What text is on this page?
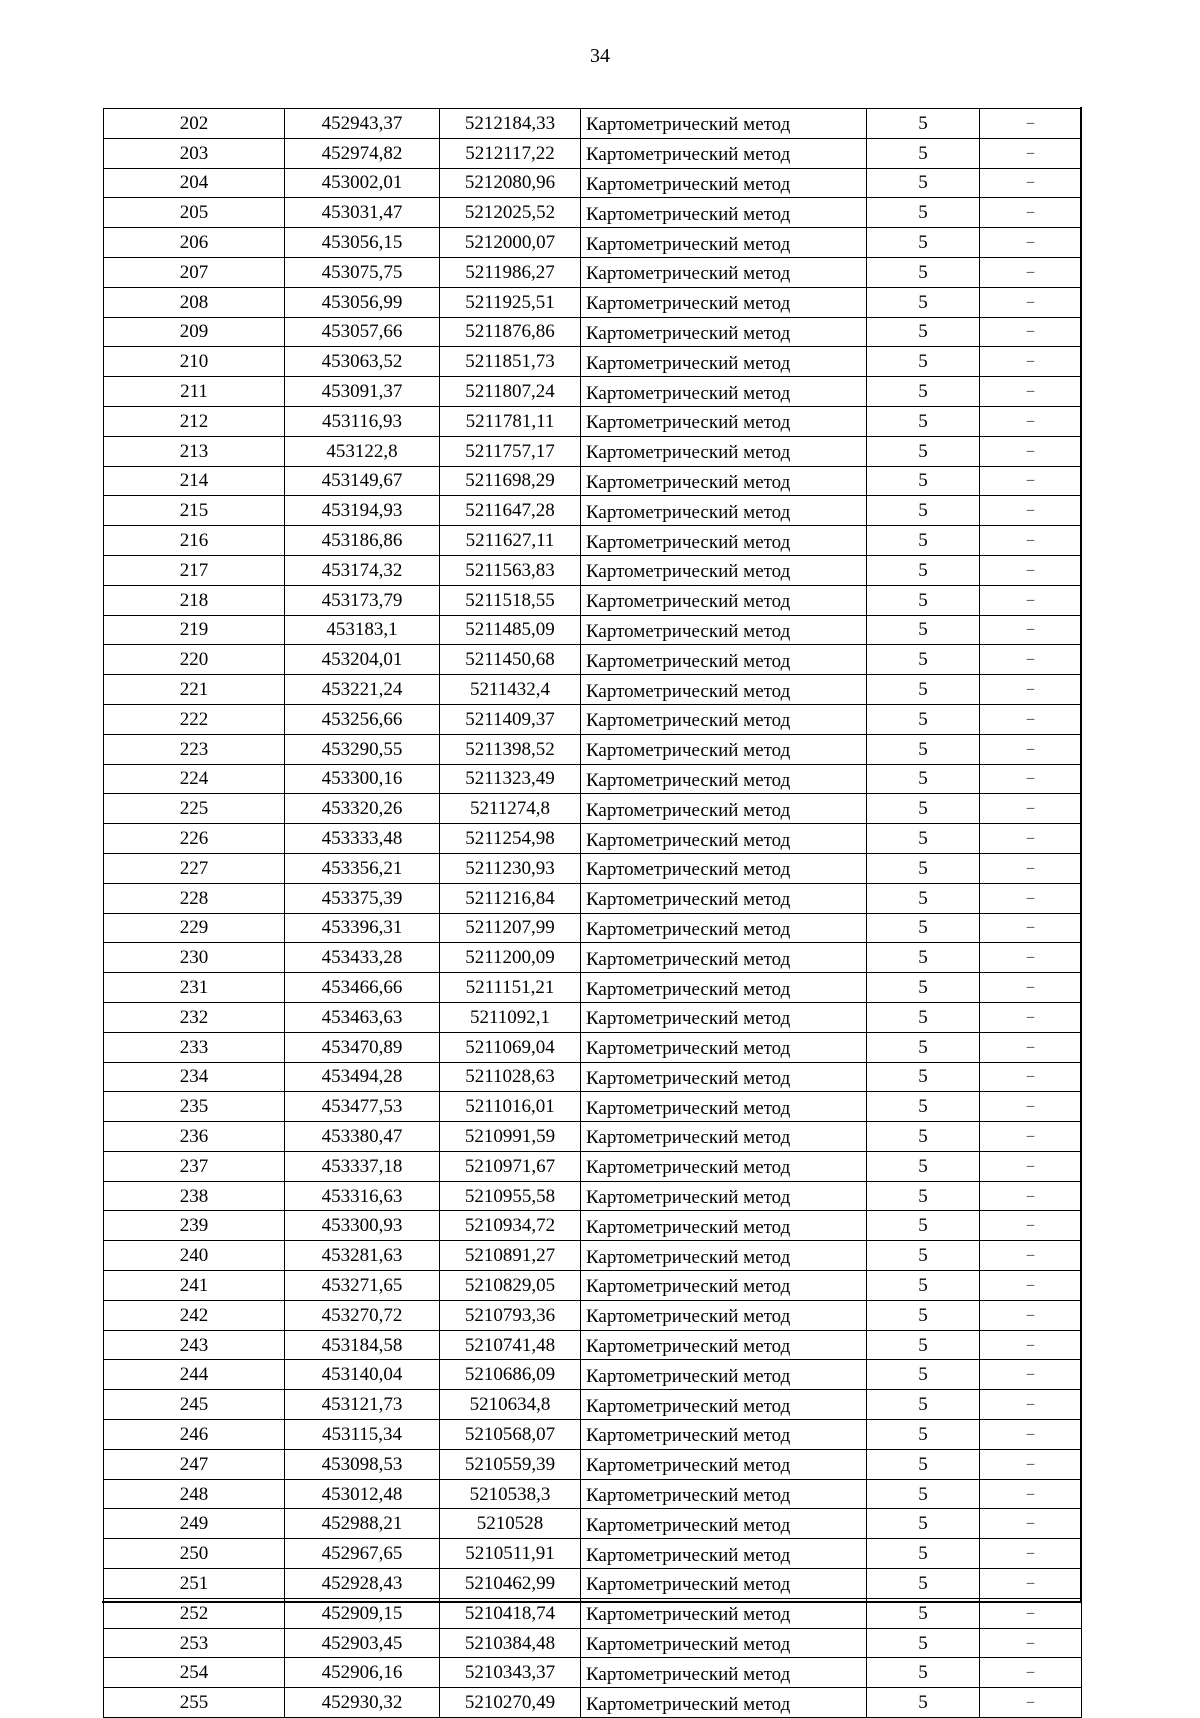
34
202	452943,37	5212184,33	Картометрический метод	5	–
203	452974,82	5212117,22	Картометрический метод	5	–
204	453002,01	5212080,96	Картометрический метод	5	–
205	453031,47	5212025,52	Картометрический метод	5	–
206	453056,15	5212000,07	Картометрический метод	5	–
207	453075,75	5211986,27	Картометрический метод	5	–
208	453056,99	5211925,51	Картометрический метод	5	–
209	453057,66	5211876,86	Картометрический метод	5	–
210	453063,52	5211851,73	Картометрический метод	5	–
211	453091,37	5211807,24	Картометрический метод	5	–
212	453116,93	5211781,11	Картометрический метод	5	–
213	453122,8	5211757,17	Картометрический метод	5	–
214	453149,67	5211698,29	Картометрический метод	5	–
215	453194,93	5211647,28	Картометрический метод	5	–
216	453186,86	5211627,11	Картометрический метод	5	–
217	453174,32	5211563,83	Картометрический метод	5	–
218	453173,79	5211518,55	Картометрический метод	5	–
219	453183,1	5211485,09	Картометрический метод	5	–
220	453204,01	5211450,68	Картометрический метод	5	–
221	453221,24	5211432,4	Картометрический метод	5	–
222	453256,66	5211409,37	Картометрический метод	5	–
223	453290,55	5211398,52	Картометрический метод	5	–
224	453300,16	5211323,49	Картометрический метод	5	–
225	453320,26	5211274,8	Картометрический метод	5	–
226	453333,48	5211254,98	Картометрический метод	5	–
227	453356,21	5211230,93	Картометрический метод	5	–
228	453375,39	5211216,84	Картометрический метод	5	–
229	453396,31	5211207,99	Картометрический метод	5	–
230	453433,28	5211200,09	Картометрический метод	5	–
231	453466,66	5211151,21	Картометрический метод	5	–
232	453463,63	5211092,1	Картометрический метод	5	–
233	453470,89	5211069,04	Картометрический метод	5	–
234	453494,28	5211028,63	Картометрический метод	5	–
235	453477,53	5211016,01	Картометрический метод	5	–
236	453380,47	5210991,59	Картометрический метод	5	–
237	453337,18	5210971,67	Картометрический метод	5	–
238	453316,63	5210955,58	Картометрический метод	5	–
239	453300,93	5210934,72	Картометрический метод	5	–
240	453281,63	5210891,27	Картометрический метод	5	–
241	453271,65	5210829,05	Картометрический метод	5	–
242	453270,72	5210793,36	Картометрический метод	5	–
243	453184,58	5210741,48	Картометрический метод	5	–
244	453140,04	5210686,09	Картометрический метод	5	–
245	453121,73	5210634,8	Картометрический метод	5	–
246	453115,34	5210568,07	Картометрический метод	5	–
247	453098,53	5210559,39	Картометрический метод	5	–
248	453012,48	5210538,3	Картометрический метод	5	–
249	452988,21	5210528	Картометрический метод	5	–
250	452967,65	5210511,91	Картометрический метод	5	–
251	452928,43	5210462,99	Картометрический метод	5	–
252	452909,15	5210418,74	Картометрический метод	5	–
253	452903,45	5210384,48	Картометрический метод	5	–
254	452906,16	5210343,37	Картометрический метод	5	–
255	452930,32	5210270,49	Картометрический метод	5	–
